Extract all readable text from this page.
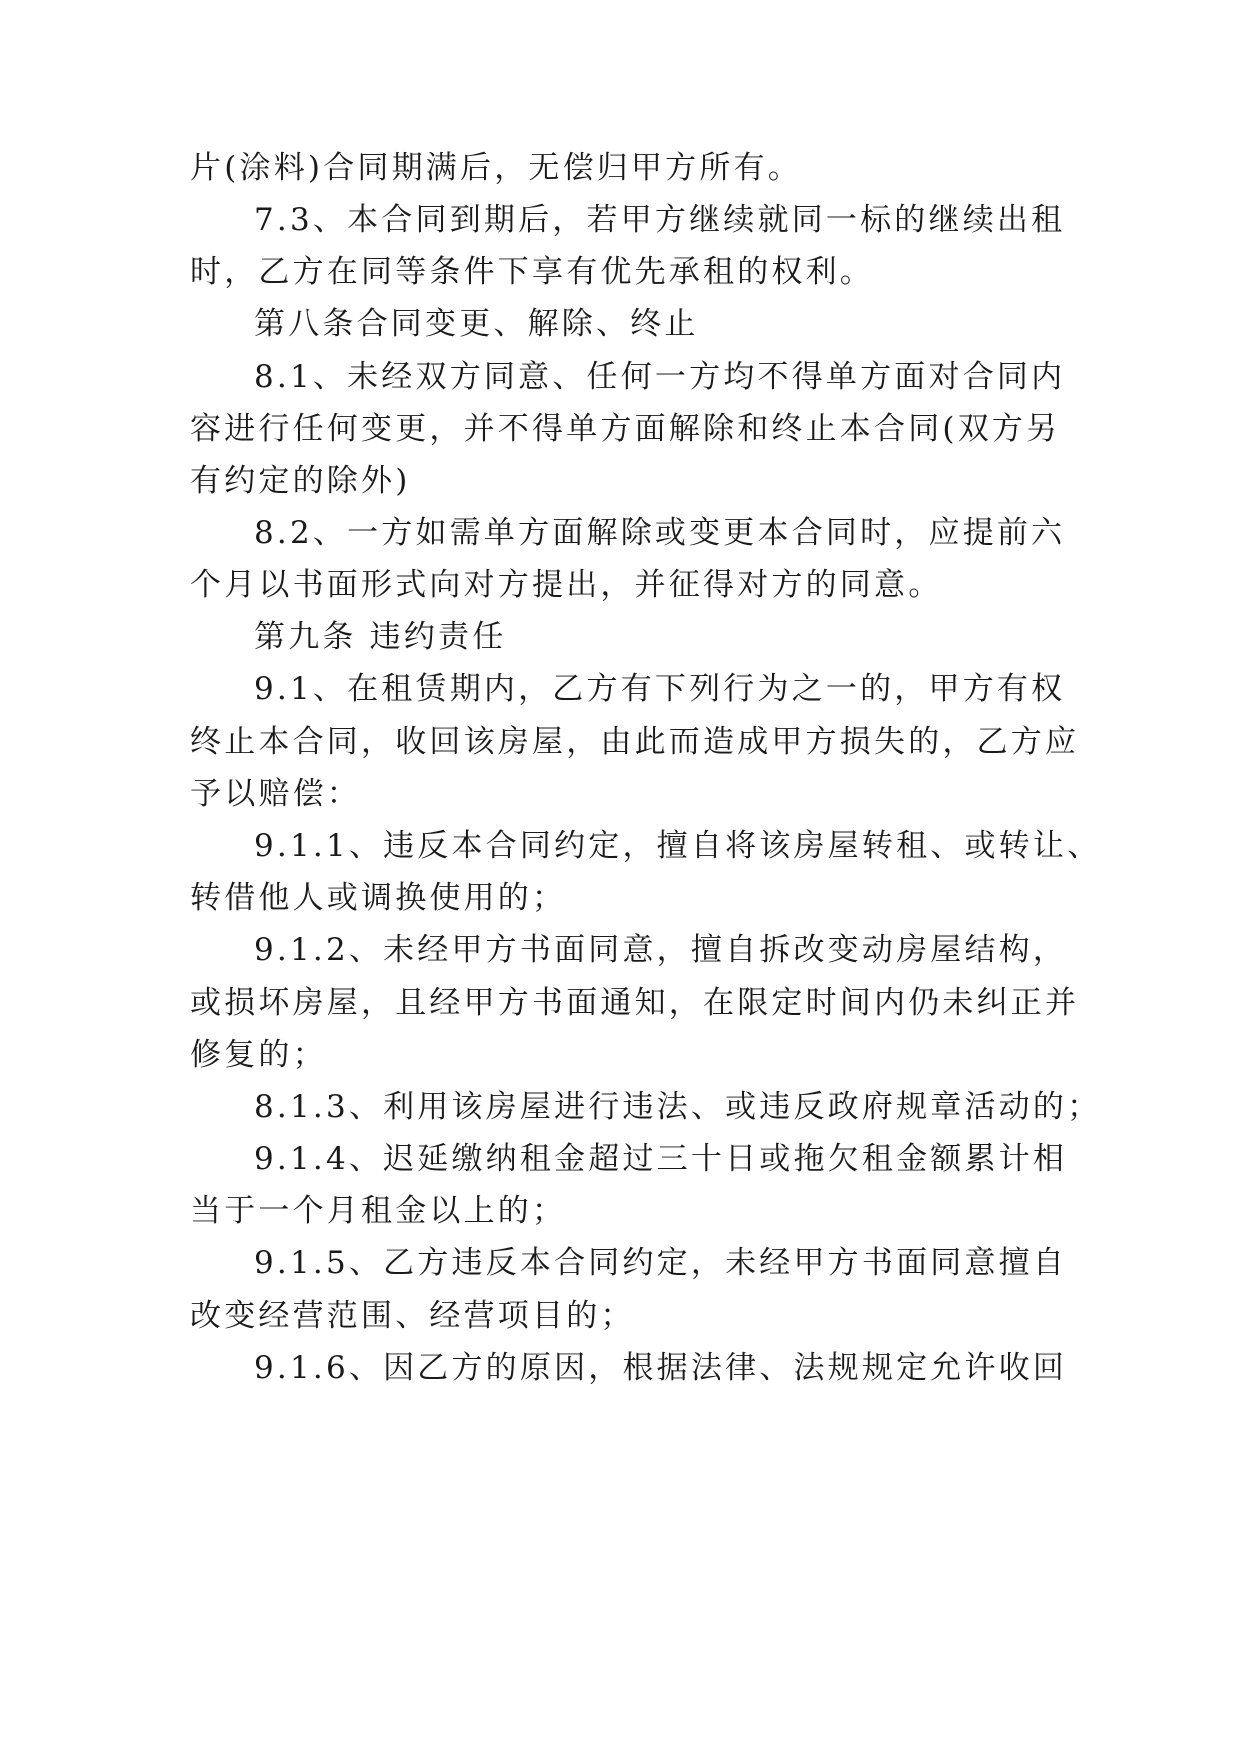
片(涂料)合同期满后，无偿归甲方所有。
7.3、本合同到期后，若甲方继续就同一标的继续出租
时，乙方在同等条件下享有优先承租的权利。
第八条合同变更、解除、终止
8.1、未经双方同意、任何一方均不得单方面对合同内
容进行任何变更，并不得单方面解除和终止本合同(双方另
有约定的除外)
8.2、一方如需单方面解除或变更本合同时，应提前六
个月以书面形式向对方提出，并征得对方的同意。
第九条 违约责任
9.1、在租赁期内，乙方有下列行为之一的，甲方有权
终止本合同，收回该房屋，由此而造成甲方损失的，乙方应
予以赔偿：
9.1.1、违反本合同约定，擅自将该房屋转租、或转让、
转借他人或调换使用的；
9.1.2、未经甲方书面同意，擅自拆改变动房屋结构，
或损坏房屋，且经甲方书面通知，在限定时间内仍未纠正并
修复的；
8.1.3、利用该房屋进行违法、或违反政府规章活动的；
9.1.4、迟延缴纳租金超过三十日或拖欠租金额累计相
当于一个月租金以上的；
9.1.5、乙方违反本合同约定，未经甲方书面同意擅自
改变经营范围、经营项目的；
9.1.6、因乙方的原因，根据法律、法规规定允许收回
